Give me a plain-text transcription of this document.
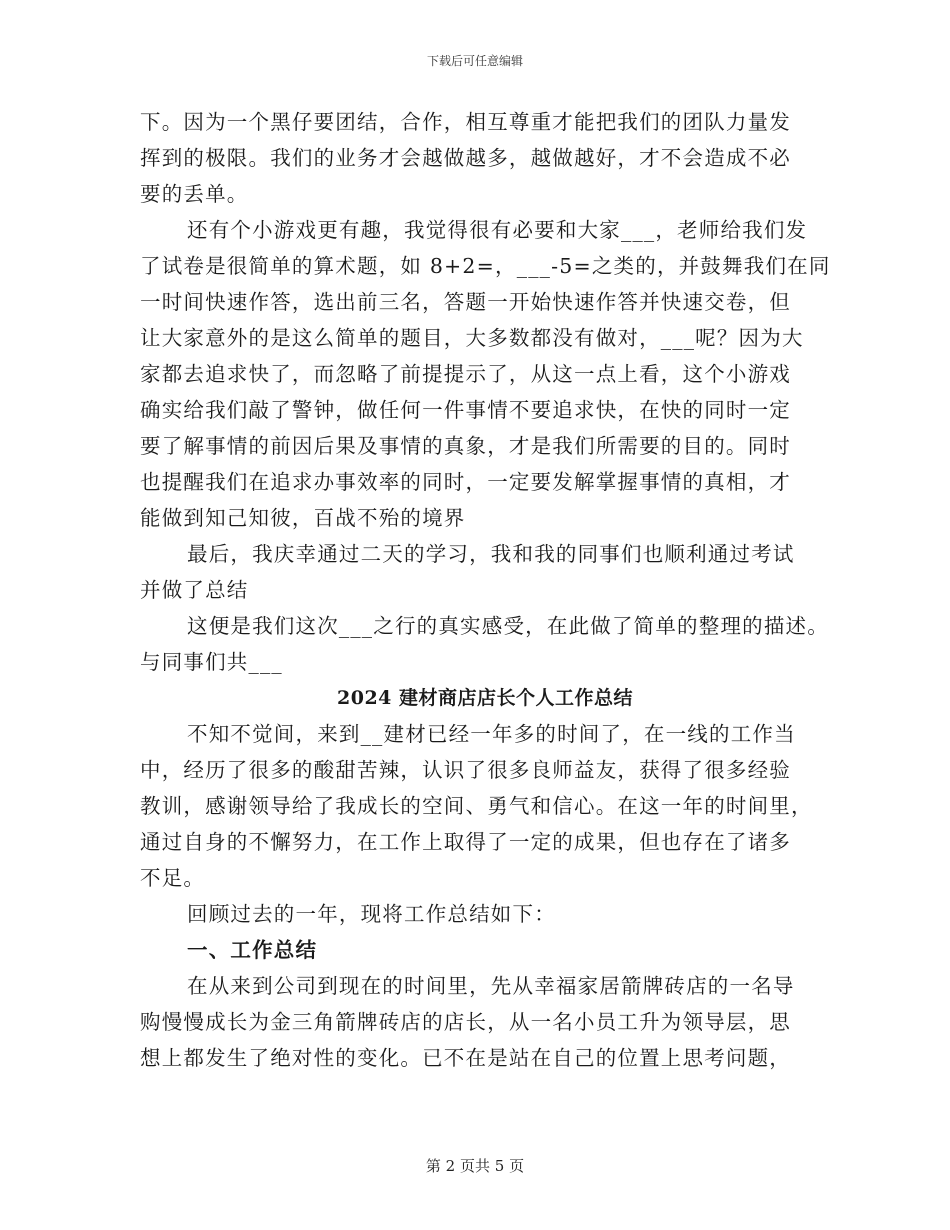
下载后可任意编辑
下。因为一个黑仔要团结，合作，相互尊重才能把我们的团队力量发
挥到的极限。我们的业务才会越做越多，越做越好，才不会造成不必
要的丢单。
还有个小游戏更有趣，我觉得很有必要和大家___，老师给我们发
了试卷是很简单的算术题，如 8+2=，___-5=之类的，并鼓舞我们在同
一时间快速作答，选出前三名，答题一开始快速作答并快速交卷，但
让大家意外的是这么简单的题目，大多数都没有做对，___呢？因为大
家都去追求快了，而忽略了前提提示了，从这一点上看，这个小游戏
确实给我们敲了警钟，做任何一件事情不要追求快，在快的同时一定
要了解事情的前因后果及事情的真象，才是我们所需要的目的。同时
也提醒我们在追求办事效率的同时，一定要发解掌握事情的真相，才
能做到知己知彼，百战不殆的境界
最后，我庆幸通过二天的学习，我和我的同事们也顺利通过考试
并做了总结
这便是我们这次___之行的真实感受，在此做了简单的整理的描述。
与同事们共___
2024 建材商店店长个人工作总结
不知不觉间，来到__建材已经一年多的时间了，在一线的工作当
中，经历了很多的酸甜苦辣，认识了很多良师益友，获得了很多经验
教训，感谢领导给了我成长的空间、勇气和信心。在这一年的时间里，
通过自身的不懈努力，在工作上取得了一定的成果，但也存在了诸多
不足。
回顾过去的一年，现将工作总结如下：
一、工作总结
在从来到公司到现在的时间里，先从幸福家居箭牌砖店的一名导
购慢慢成长为金三角箭牌砖店的店长，从一名小员工升为领导层，思
想上都发生了绝对性的变化。已不在是站在自己的位置上思考问题，
第 2 页共 5 页
